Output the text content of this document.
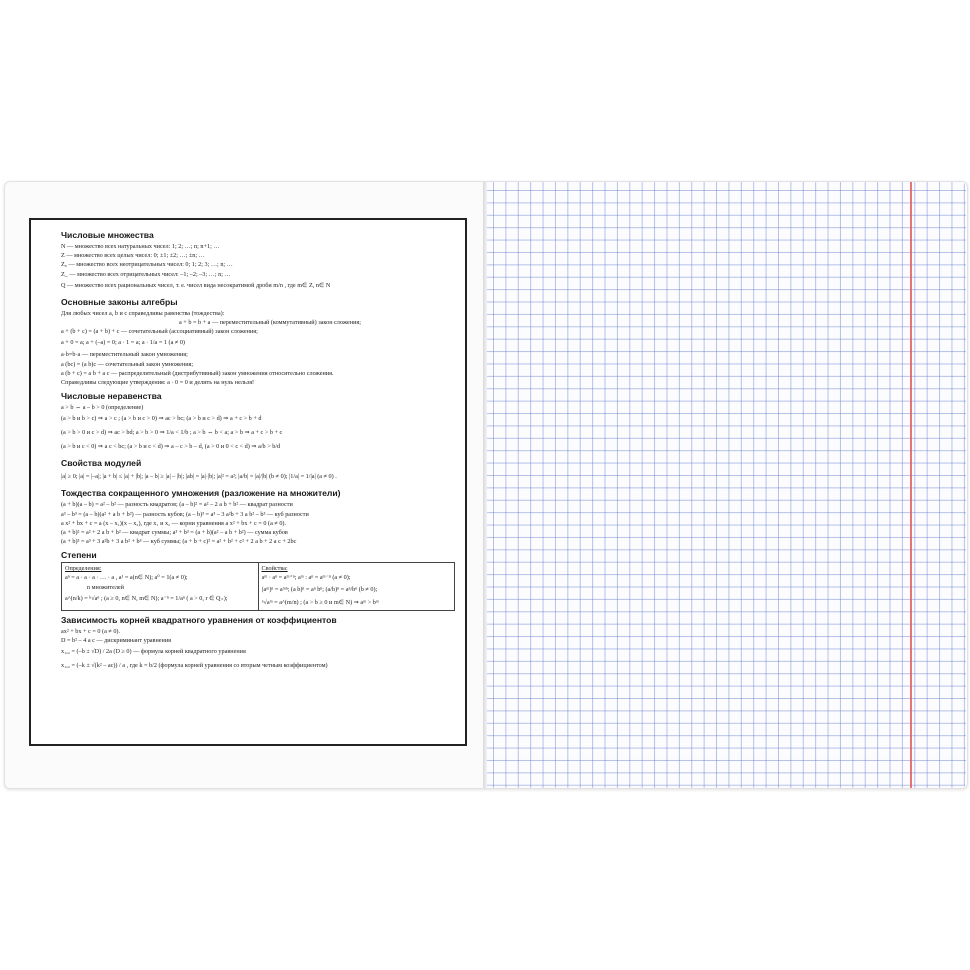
Числовые множества
N — множество всех натуральных чисел: 1; 2; …; n; n+1; …
Z — множество всех целых чисел: 0; ±1; ±2; …; ±n; …
Z₀ — множество всех неотрицательных чисел: 0; 1; 2; 3; …; n; …
Z_ — множество всех отрицательных чисел: –1; –2; –3; …; n; …
Q — множество всех рациональных чисел, т. е. чисел вида несократимой дроби m/n , где m∈ Z, n∈ N
Основные законы алгебры
Для любых чисел a, b и c справедливы равенства (тождества):
a + b = b + a — переместительный (коммутативный) закон сложения;
a + (b + c) = (a + b) + c — сочетательный (ассоциативный) закон сложения;
a + 0 = a; a + (–a) = 0; a · 1 = a; a · 1/a = 1 (a ≠ 0)
a·b=b·a — переместительный закон умножения;
a (bc) = (a b)c — сочетательный закон умножения;
a (b + c) = a b + a c — распределительный (дистрибутивный) закон умножения относительно сложения.
Справедливы следующие утверждения: a · 0 = 0 и делить на нуль нельзя!
Числовые неравенства
a > b ⇔ a – b > 0 (определение)
(a > b и b > c) ⇒ a > c ; (a > b и c > 0) ⇒ ac > bc; (a > b и c > d) ⇒ a + c > b + d
(a > b > 0 и c > d) ⇒ ac > bd; a > b > 0 ⇒ 1/a < 1/b ; a > b ⇔ b < a; a > b ⇒ a + c > b + c
(a > b и c < 0) ⇒ a c < bc; (a > b и c < d) ⇒ a – c > b – d, (a > 0 и 0 < c < d) ⇒ a/b > b/d
Свойства модулей
|a| ≥ 0; |a| = |–a|; |a + b| ≤ |a| + |b|; |a – b| ≥ |a| – |b|; |ab| = |a|·|b|; |a|² = a²; |a/b| = |a|/|b| (b ≠ 0); |1/a| = 1/|a| (a ≠ 0) .
Тождества сокращенного умножения (разложение на множители)
(a + b)(a – b) = a² – b² — разность квадратов; (a – b)² = a² – 2 a b + b² — квадрат разности
a³ – b³ = (a – b)(a² + a b + b²) — разность кубов; (a – b)³ = a³ – 3 a²b + 3 a b² – b³ — куб разности
a x² + bx + c = a (x – x₁)(x – x₂), где x₁ и x₂ — корни уравнения a x² + bx + c = 0 (a ≠ 0).
(a + b)² = a² + 2 a b + b² — квадрат суммы; a³ + b³ = (a + b)(a² – a b + b²) — сумма кубов
(a + b)³ = a³ + 3 a²b + 3 a b² + b³ — куб суммы; (a + b + c)² = a² + b² + c² + 2 a b + 2 a c + 2bc
Степени
Определения:
aⁿ = a · a · a · … · a , a¹ = a(n∈ N); a⁰ = 1(a ≠ 0);
n множителей
a^(n/k) = ᵏ√aⁿ ; (a ≥ 0, n∈ N, m∈ N); a⁻ⁿ = 1/aⁿ ( a > 0, r ∈ Q₊);

Свойства:
aᵐ · aⁿ = aᵐ⁺ⁿ; aᵐ : aⁿ = aᵐ⁻ⁿ (a ≠ 0);
(aᵐ)ⁿ = aᵐⁿ; (a b)ⁿ = aⁿ bⁿ; (a/b)ⁿ = aⁿ/bⁿ (b ≠ 0);
ⁿ√aᵐ = a^(m/n) ; (a > b ≥ 0 и m∈ N) ⇒ aᵐ > bᵐ
Зависимость корней квадратного уравнения от коэффициентов
ax² + bx + c = 0 (a ≠ 0).
D = b² – 4 a c — дискриминант уравнения
x₁,₂ = (–b ± √D) / 2a (D ≥ 0) — формула корней квадратного уравнения
x₁,₂ = (–k ± √(k² – ac)) / a , где k = b/2 (формула корней уравнения со вторым четным коэффициентом)
